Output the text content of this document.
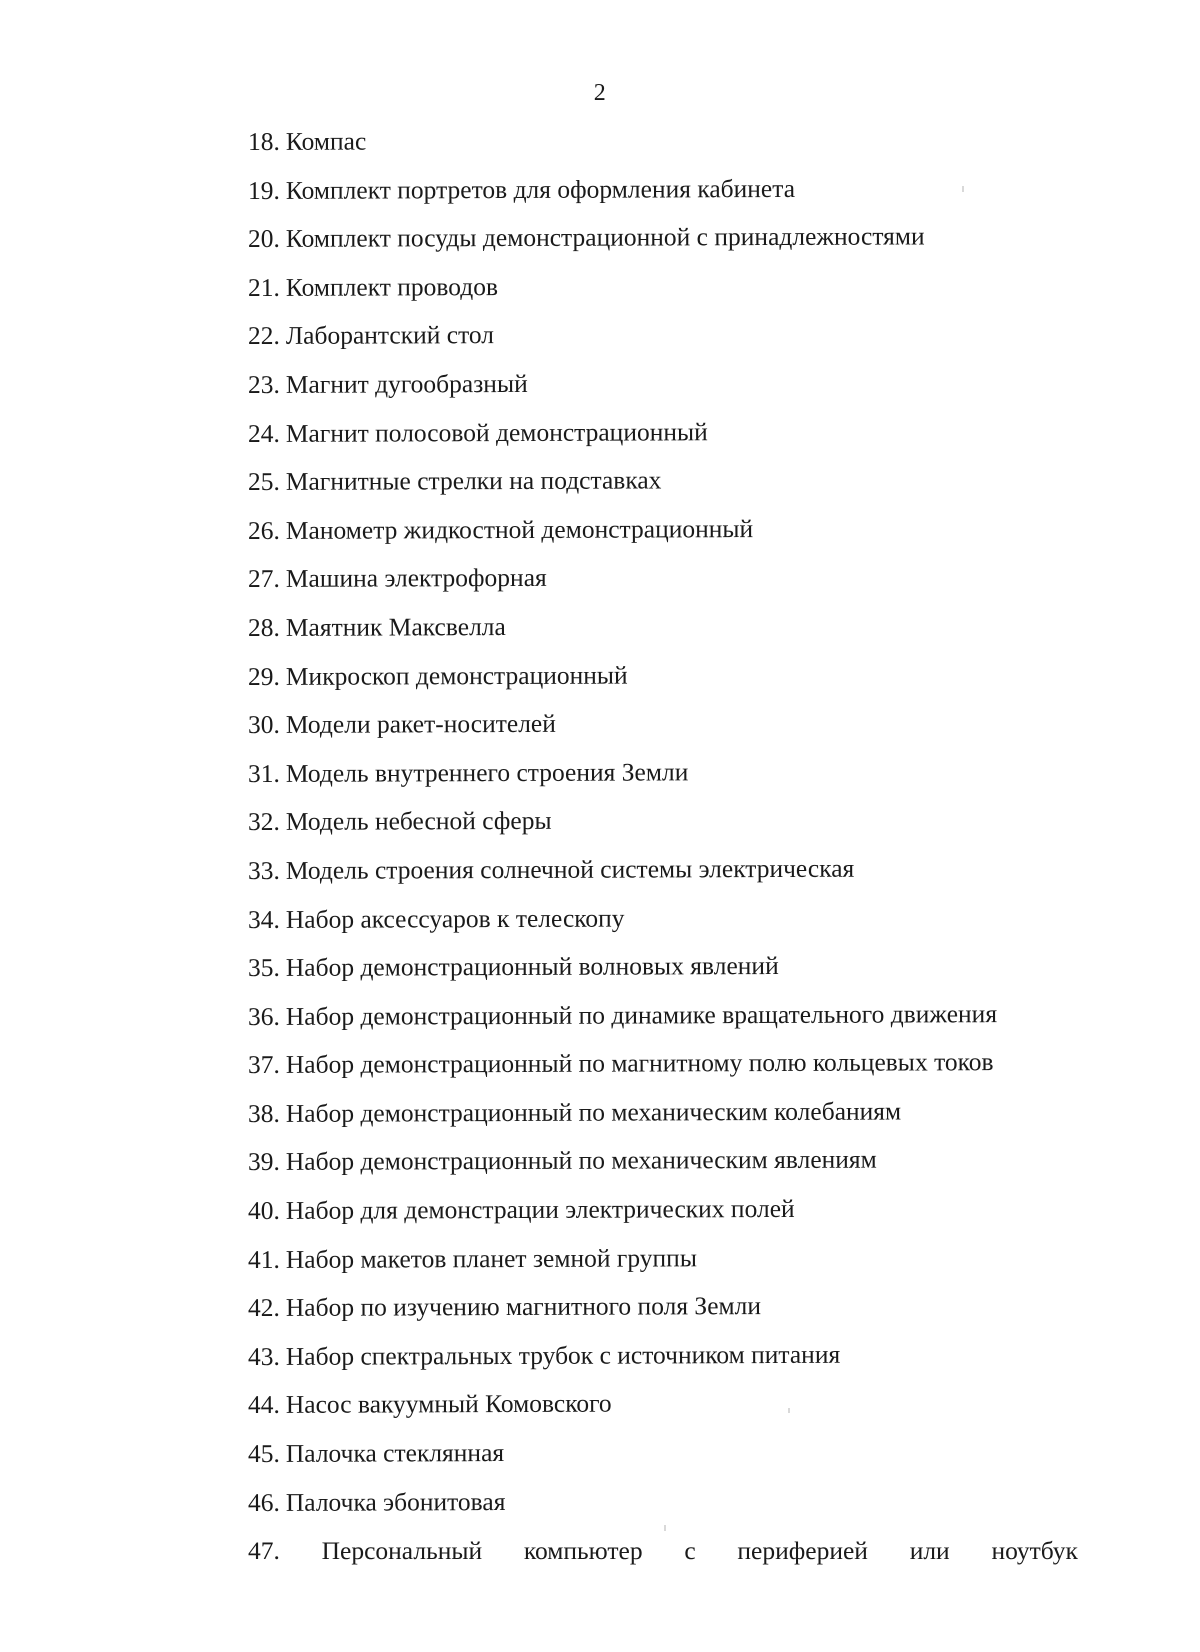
2
18. Компас
19. Комплект портретов для оформления кабинета
20. Комплект посуды демонстрационной с принадлежностями
21. Комплект проводов
22. Лаборантский стол
23. Магнит дугообразный
24. Магнит полосовой демонстрационный
25. Магнитные стрелки на подставках
26. Манометр жидкостной демонстрационный
27. Машина электрофорная
28. Маятник Максвелла
29. Микроскоп демонстрационный
30. Модели ракет-носителей
31. Модель внутреннего строения Земли
32. Модель небесной сферы
33. Модель строения солнечной системы электрическая
34. Набор аксессуаров к телескопу
35. Набор демонстрационный волновых явлений
36. Набор демонстрационный по динамике вращательного движения
37. Набор демонстрационный по магнитному полю кольцевых токов
38. Набор демонстрационный по механическим колебаниям
39. Набор демонстрационный по механическим явлениям
40. Набор для демонстрации электрических полей
41. Набор макетов планет земной группы
42. Набор по изучению магнитного поля Земли
43. Набор спектральных трубок с источником питания
44. Насос вакуумный Комовского
45. Палочка стеклянная
46. Палочка эбонитовая
47. Персональный компьютер с периферией или ноутбук
